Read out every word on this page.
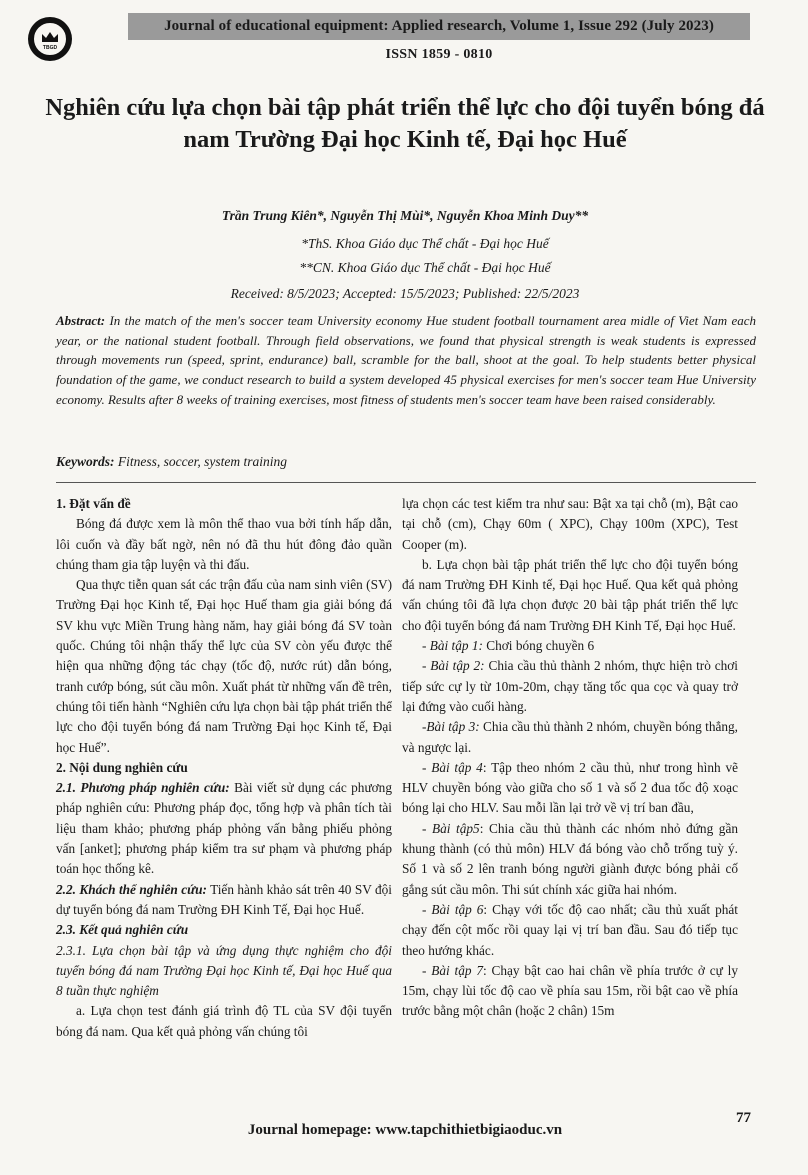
Journal of educational equipment: Applied research, Volume 1, Issue 292 (July 2023)
ISSN 1859 - 0810
TBGD
Nghiên cứu lựa chọn bài tập phát triển thể lực cho đội tuyển bóng đá nam Trường Đại học Kinh tế, Đại học Huế
Trần Trung Kiên*, Nguyễn Thị Mùi*, Nguyễn Khoa Minh Duy**
*ThS. Khoa Giáo dục Thể chất - Đại học Huế
**CN. Khoa Giáo dục Thể chất - Đại học Huế
Received: 8/5/2023; Accepted: 15/5/2023; Published: 22/5/2023
Abstract: In the match of the men's soccer team University economy Hue student football tournament area midle of Viet Nam each year, or the national student football. Through field observations, we found that physical strength is weak students is expressed through movements run (speed, sprint, endurance) ball, scramble for the ball, shoot at the goal. To help students better physical foundation of the game, we conduct research to build a system developed 45 physical exercises for men's soccer team Hue University economy. Results after 8 weeks of training exercises, most fitness of students men's soccer team have been raised considerably.
Keywords: Fitness, soccer, system training

1. Đặt vấn đề

Bóng đá được xem là môn thể thao vua bởi tính hấp dẫn, lôi cuốn và đầy bất ngờ, nên nó đã thu hút đông đảo quần chúng tham gia tập luyện và thi đấu.

Qua thực tiễn quan sát các trận đấu của nam sinh viên (SV) Trường Đại học Kinh tế, Đại học Huế tham gia giải bóng đá SV khu vực Miền Trung hàng năm, hay giải bóng đá SV toàn quốc. Chúng tôi nhận thấy thể lực của SV còn yếu được thể hiện qua những động tác chạy (tốc độ, nước rút) dẫn bóng, tranh cướp bóng, sút cầu môn. Xuất phát từ những vấn đề trên, chúng tôi tiến hành “Nghiên cứu lựa chọn bài tập phát triển thể lực cho đội tuyển bóng đá nam Trường Đại học Kinh tế, Đại học Huế”.

2. Nội dung nghiên cứu

2.1. Phương pháp nghiên cứu: Bài viết sử dụng các phương pháp nghiên cứu: Phương pháp đọc, tổng hợp và phân tích tài liệu tham khảo; phương pháp phỏng vấn bằng phiếu phỏng vấn [anket]; phương pháp kiểm tra sư phạm và phương pháp toán học thống kê.

2.2. Khách thể nghiên cứu: Tiến hành khảo sát trên 40 SV đội dự tuyển bóng đá nam Trường ĐH Kinh Tế, Đại học Huế.

2.3. Kết quả nghiên cứu

2.3.1. Lựa chọn bài tập và ứng dụng thực nghiệm cho đội tuyển bóng đá nam Trường Đại học Kinh tế, Đại học Huế qua 8 tuần thực nghiệm

a. Lựa chọn test đánh giá trình độ TL của SV đội tuyển bóng đá nam. Qua kết quả phỏng vấn chúng tôi

lựa chọn các test kiểm tra như sau: Bật xa tại chỗ (m), Bật cao tại chỗ (cm), Chạy 60m ( XPC), Chạy 100m (XPC), Test Cooper (m).

b. Lựa chọn bài tập phát triển thể lực cho đội tuyển bóng đá nam Trường ĐH Kinh tế, Đại học Huế. Qua kết quả phỏng vấn chúng tôi đã lựa chọn được 20 bài tập phát triển thể lực cho đội tuyển bóng đá nam Trường ĐH Kinh Tế, Đại học Huế.

- Bài tập 1: Chơi bóng chuyền 6

- Bài tập 2: Chia cầu thủ thành 2 nhóm, thực hiện trò chơi tiếp sức cự ly từ 10m-20m, chạy tăng tốc qua cọc và quay trở lại đứng vào cuối hàng.

-Bài tập 3: Chia cầu thủ thành 2 nhóm, chuyền bóng thẳng, và ngược lại.

- Bài tập 4: Tập theo nhóm 2 cầu thủ, như trong hình vẽ HLV chuyền bóng vào giữa cho số 1 và số 2 đua tốc độ xoạc bóng lại cho HLV. Sau mỗi lần lại trở về vị trí ban đầu,

- Bài tập5: Chia cầu thủ thành các nhóm nhỏ đứng gần khung thành (có thủ môn) HLV đá bóng vào chỗ trống tuỳ ý. Số 1 và số 2 lên tranh bóng người giành được bóng phải cố gắng sút cầu môn. Thi sút chính xác giữa hai nhóm.

- Bài tập 6: Chạy với tốc độ cao nhất; cầu thủ xuất phát chạy đến cột mốc rồi quay lại vị trí ban đầu. Sau đó tiếp tục theo hướng khác.

- Bài tập 7: Chạy bật cao hai chân về phía trước ở cự ly 15m, chạy lùi tốc độ cao về phía sau 15m, rồi bật cao về phía trước bằng một chân (hoặc 2 chân) 15m

77
Journal homepage: www.tapchithietbigiaoduc.vn
